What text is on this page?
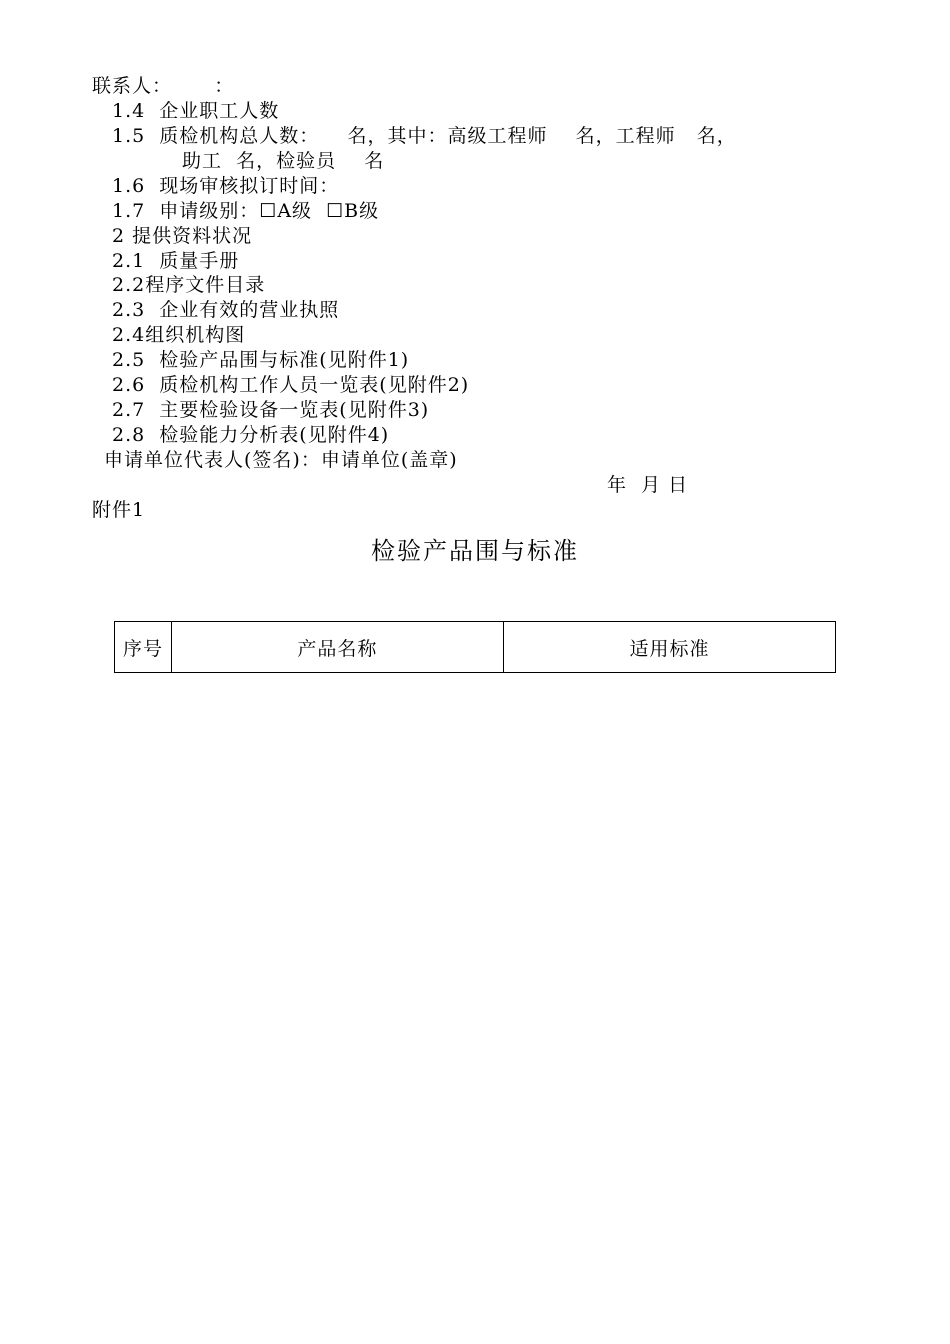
联系人：      ：
1.4  企业职工人数
1.5  质检机构总人数：    名，其中：高级工程师    名，工程师   名，
助工  名，检验员    名
1.6  现场审核拟订时间：
1.7  申请级别：☐A级  ☐B级
2 提供资料状况
2.1  质量手册
2.2程序文件目录
2.3  企业有效的营业执照
2.4组织机构图
2.5  检验产品围与标准(见附件1)
2.6  质检机构工作人员一览表(见附件2)
2.7  主要检验设备一览表(见附件3)
2.8  检验能力分析表(见附件4)
申请单位代表人(签名)：申请单位(盖章)
年  月 日
附件1
检验产品围与标准
序号	产品名称	适用标准
